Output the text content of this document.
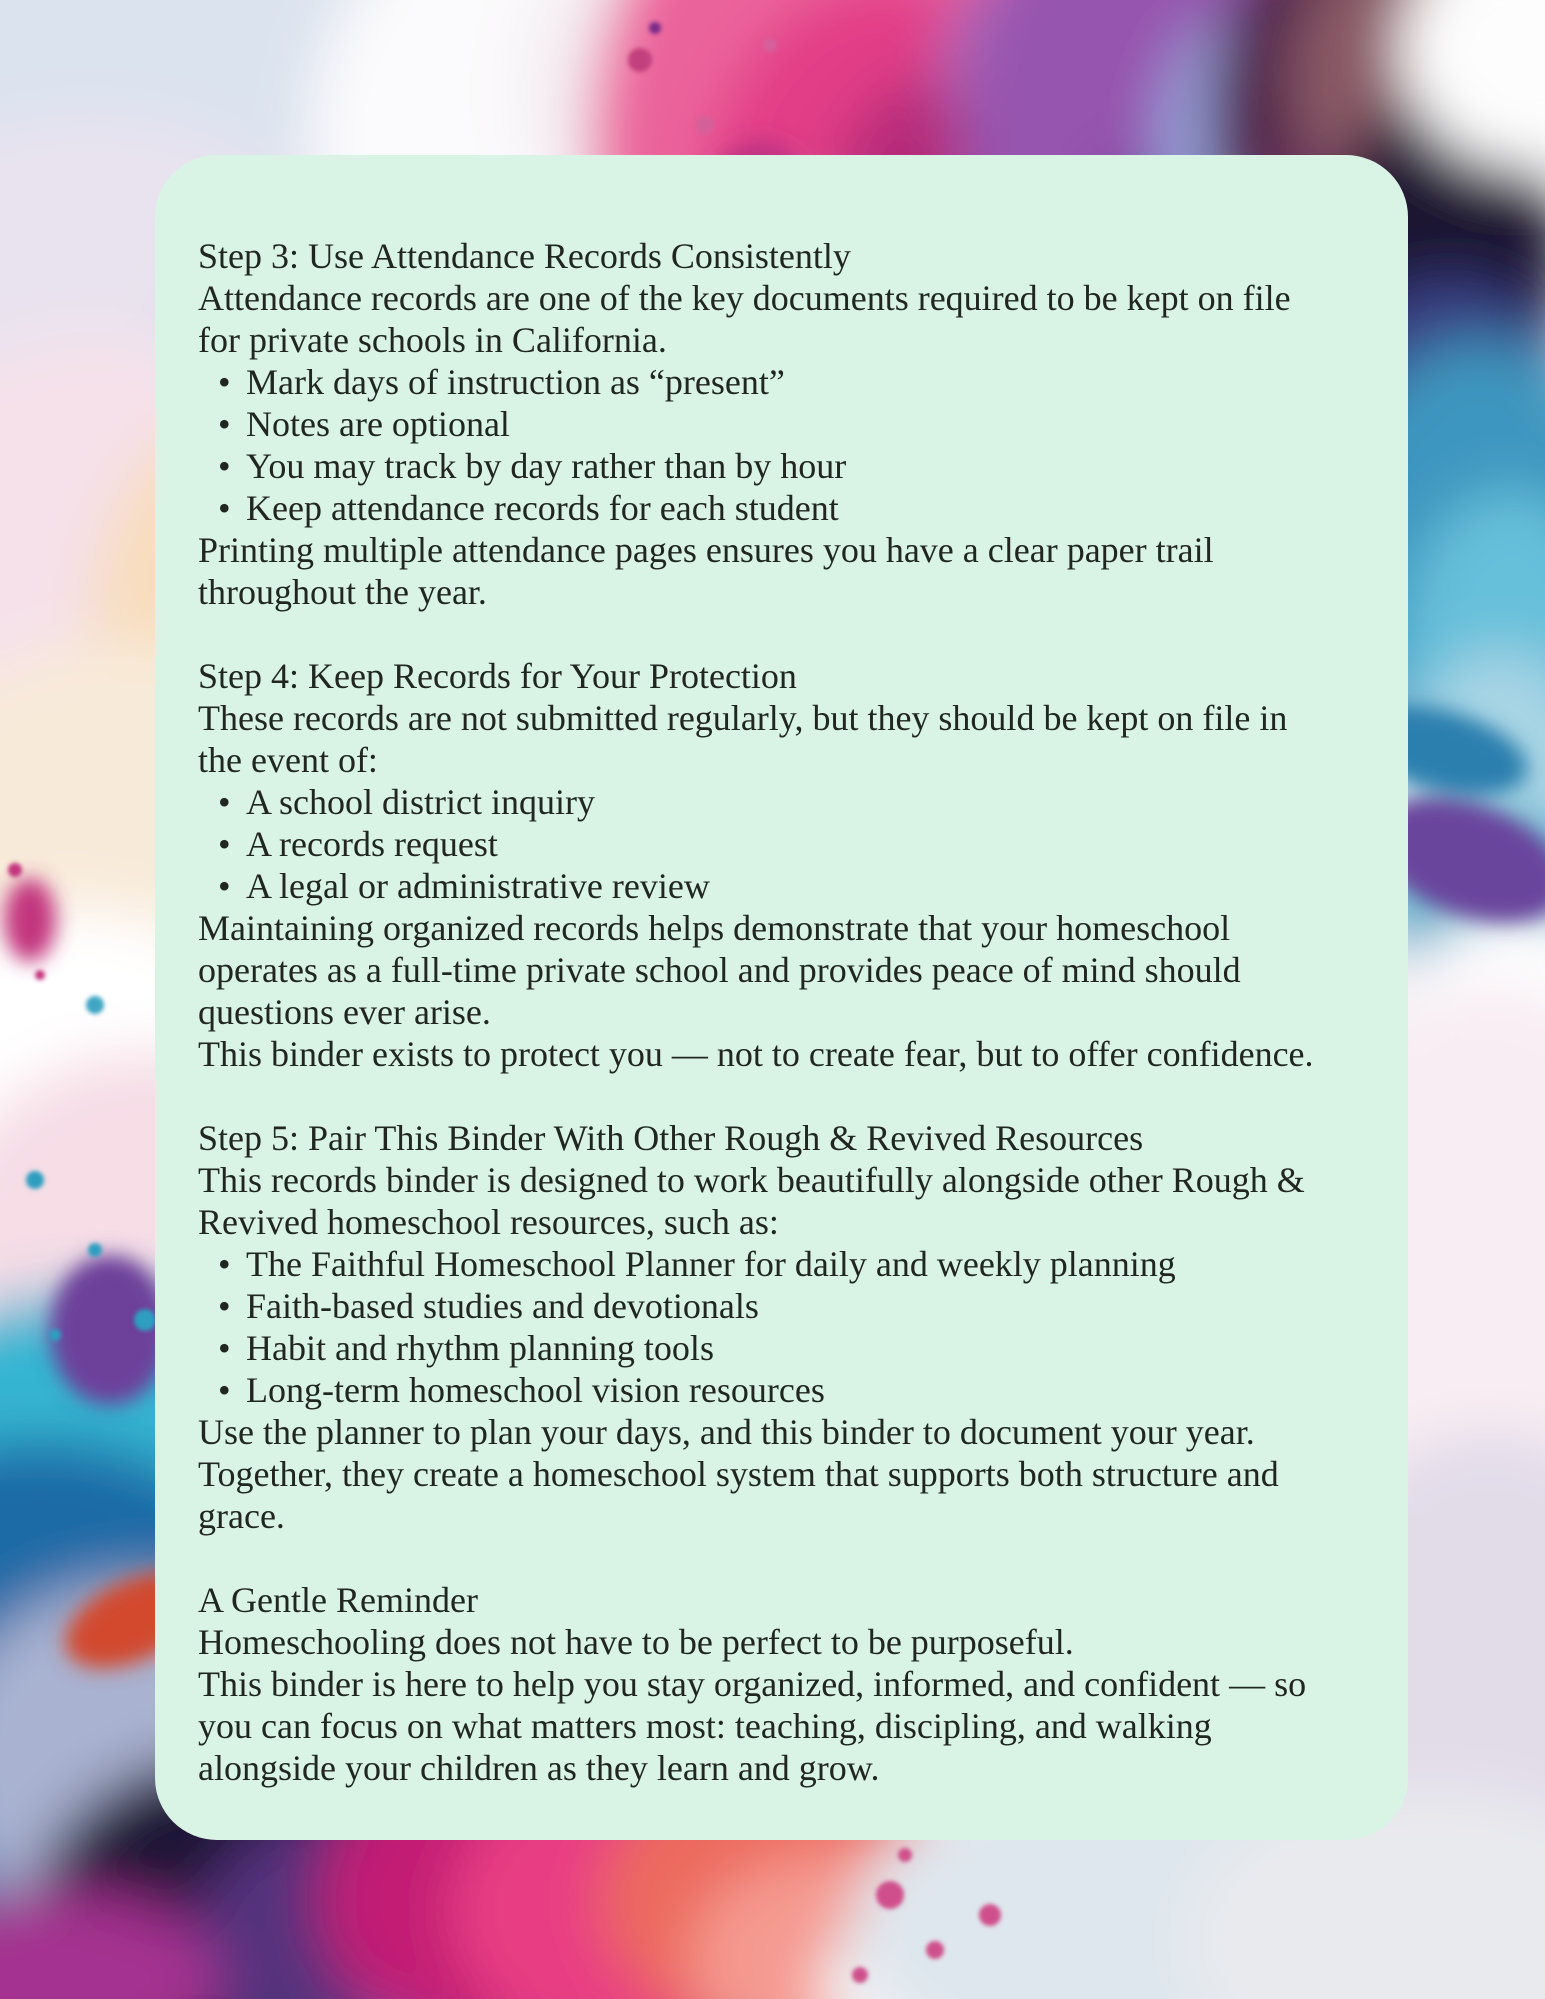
Step 3: Use Attendance Records Consistently

Attendance records are one of the key documents required to be kept on file for private schools in California.

• Mark days of instruction as “present”
• Notes are optional
• You may track by day rather than by hour
• Keep attendance records for each student

Printing multiple attendance pages ensures you have a clear paper trail throughout the year.

Step 4: Keep Records for Your Protection

These records are not submitted regularly, but they should be kept on file in the event of:

• A school district inquiry
• A records request
• A legal or administrative review

Maintaining organized records helps demonstrate that your homeschool operates as a full-time private school and provides peace of mind should questions ever arise.

This binder exists to protect you — not to create fear, but to offer confidence.

Step 5: Pair This Binder With Other Rough & Revived Resources

This records binder is designed to work beautifully alongside other Rough & Revived homeschool resources, such as:

• The Faithful Homeschool Planner for daily and weekly planning
• Faith-based studies and devotionals
• Habit and rhythm planning tools
• Long-term homeschool vision resources

Use the planner to plan your days, and this binder to document your year.

Together, they create a homeschool system that supports both structure and grace.

A Gentle Reminder

Homeschooling does not have to be perfect to be purposeful.

This binder is here to help you stay organized, informed, and confident — so you can focus on what matters most: teaching, discipling, and walking alongside your children as they learn and grow.
